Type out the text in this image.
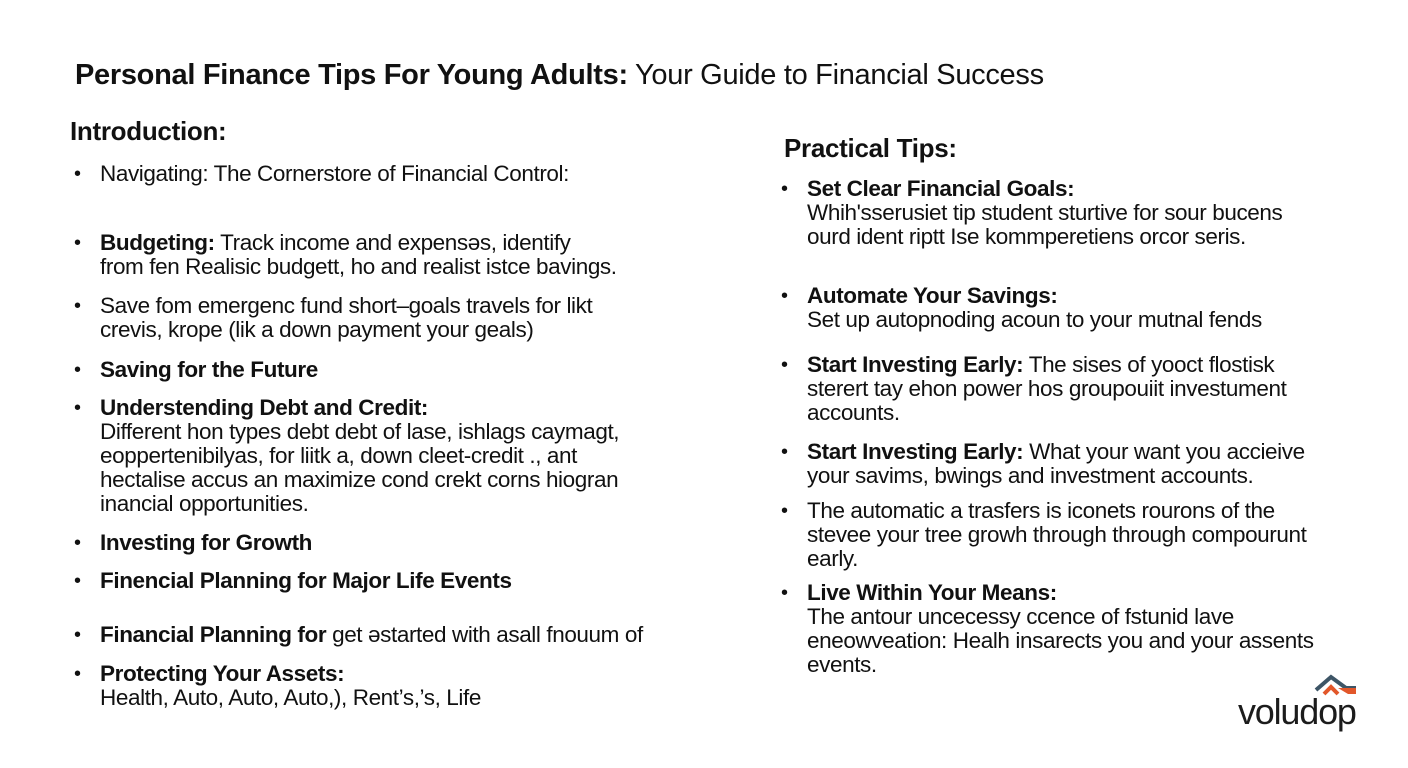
Personal Finance Tips For Young Adults: Your Guide to Financial Success
Introduction:
• Navigating: The Cornerstore of Financial Control:
• Budgeting: Track income and expensəs, identify
from fen Realisic budgett, ho and realist istce bavings.
• Save fom emergenc fund short–goals travels for likt
crevis, krope (lik a down payment your geals)
• Saving for the Future
• Understending Debt and Credit:
Different hon types debt debt of lase, ishlags caymagt,
eoppertenibilyas, for liitk a, down cleet-credit ., ant
hectalise accus an maximize cond crekt corns hiogran
inancial opportunities.
• Investing for Growth
• Finencial Planning for Major Life Events
• Financial Planning for get əstarted with asall fnouum of
• Protecting Your Assets:
Health, Auto, Auto, Auto,), Rent’s,’s, Life
Practical Tips:
• Set Clear Financial Goals:
Whih'sserusiet tip student sturtive for sour bucens
ourd ident riptt Ise kommperetiens orcor seris.
• Automate Your Savings:
Set up autopnoding acoun to your mutnal fends
• Start Investing Early: The sises of yooct flostisk
sterert tay ehon power hos groupouiit investument
accounts.
• Start Investing Early: What your want you accieive
your savims, bwings and investment accounts.
• The automatic a trasfers is iconets rourons of the
stevee your tree growh through through compourunt
early.
• Live Within Your Means:
The antour uncecessy ccence of fstunid lave
eneowveation: Healh insarects you and your assents
events.
voludop
